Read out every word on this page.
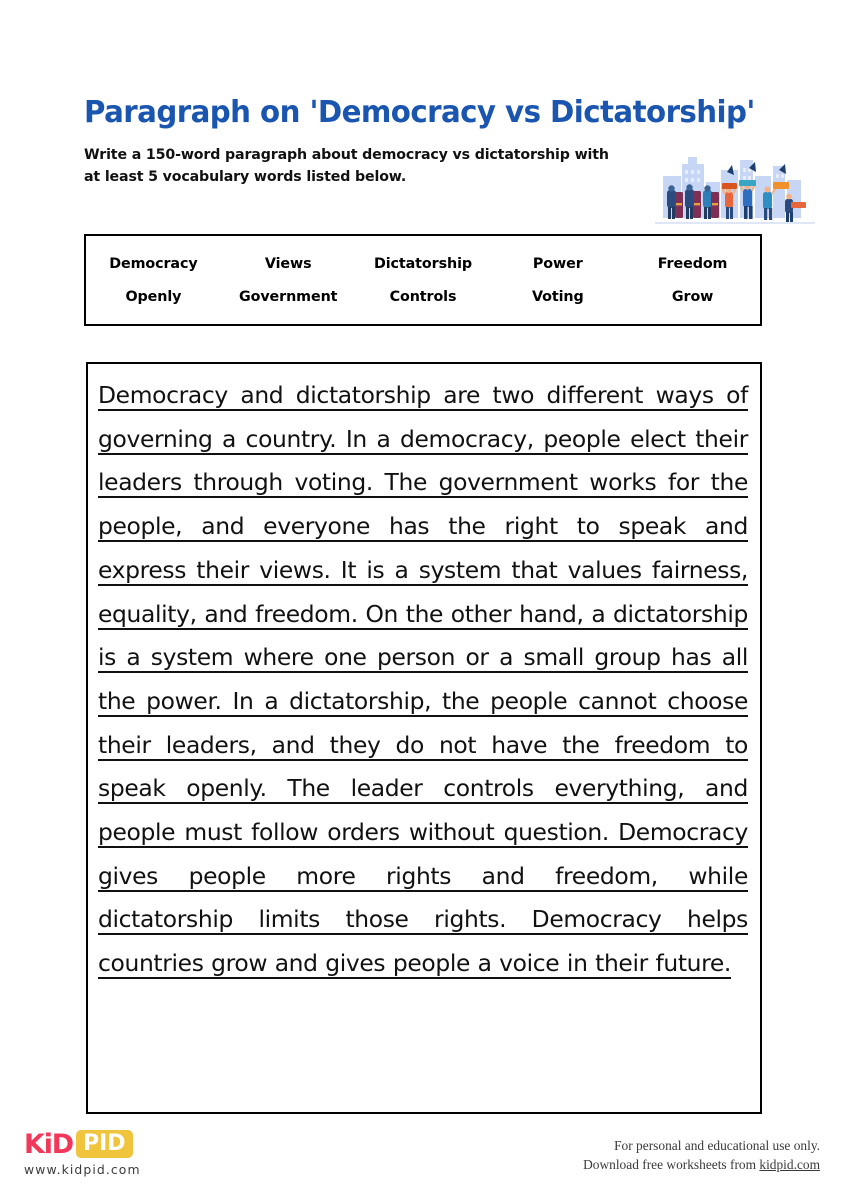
Paragraph on 'Democracy vs Dictatorship'
Write a 150-word paragraph about democracy vs dictatorship with at least 5 vocabulary words listed below.
Democracy	Views	Dictatorship	Power	Freedom
Openly	Government	Controls	Voting	Grow
Democracy and dictatorship are two different ways of governing a country. In a democracy, people elect their leaders through voting. The government works for the people, and everyone has the right to speak and express their views. It is a system that values fairness, equality, and freedom. On the other hand, a dictatorship is a system where one person or a small group has all the power. In a dictatorship, the people cannot choose their leaders, and they do not have the freedom to speak openly. The leader controls everything, and people must follow orders without question. Democracy gives people more rights and freedom, while dictatorship limits those rights. Democracy helps countries grow and gives people a voice in their future.
KiD PID
www.kidpid.com
For personal and educational use only.
Download free worksheets from kidpid.com
